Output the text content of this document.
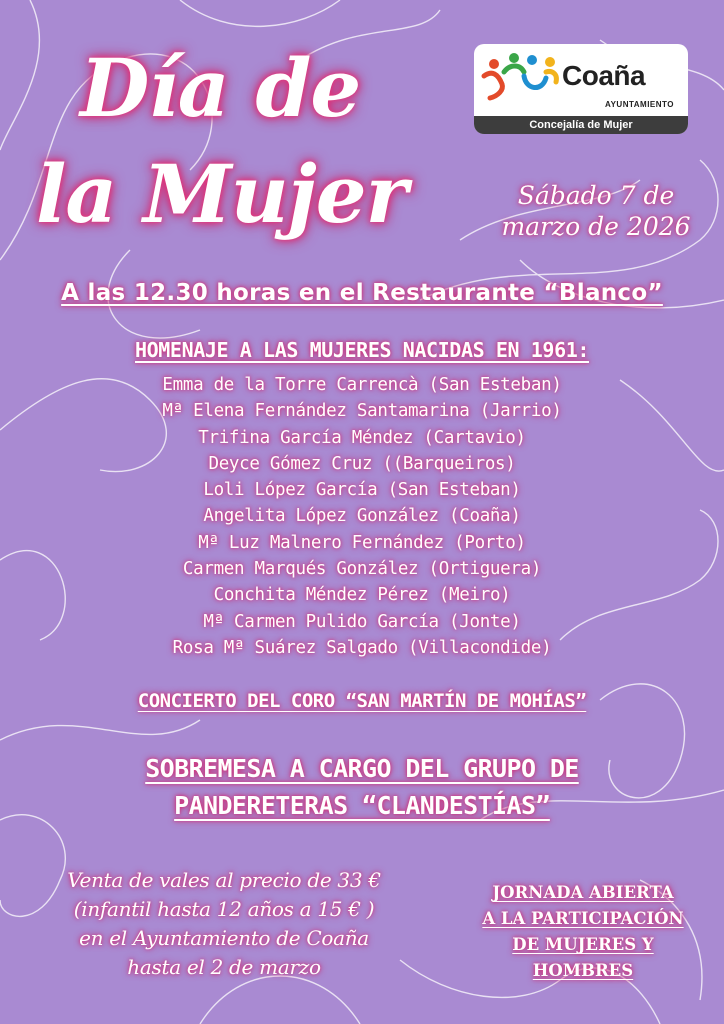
Día de
la Mujer
Coaña
AYUNTAMIENTO
Concejalía de Mujer
Sábado 7 de
marzo de 2026
A las 12.30 horas en el Restaurante “Blanco”
HOMENAJE A LAS MUJERES NACIDAS EN 1961:
Emma de la Torre Carrencà (San Esteban)
Mª Elena Fernández Santamarina (Jarrio)
Trifina García Méndez (Cartavio)
Deyce Gómez Cruz ((Barqueiros)
Loli López García (San Esteban)
Angelita López González (Coaña)
Mª Luz Malnero Fernández (Porto)
Carmen Marqués González (Ortiguera)
Conchita Méndez Pérez (Meiro)
Mª Carmen Pulido García (Jonte)
Rosa Mª Suárez Salgado (Villacondide)
CONCIERTO DEL CORO “SAN MARTÍN DE MOHÍAS”
SOBREMESA A CARGO DEL GRUPO DE
PANDERETERAS “CLANDESTÍAS”
Venta de vales al precio de 33 €
(infantil hasta 12 años a 15 € )
en el Ayuntamiento de Coaña
hasta el 2 de marzo
JORNADA ABIERTA
A LA PARTICIPACIÓN
DE MUJERES Y
HOMBRES
